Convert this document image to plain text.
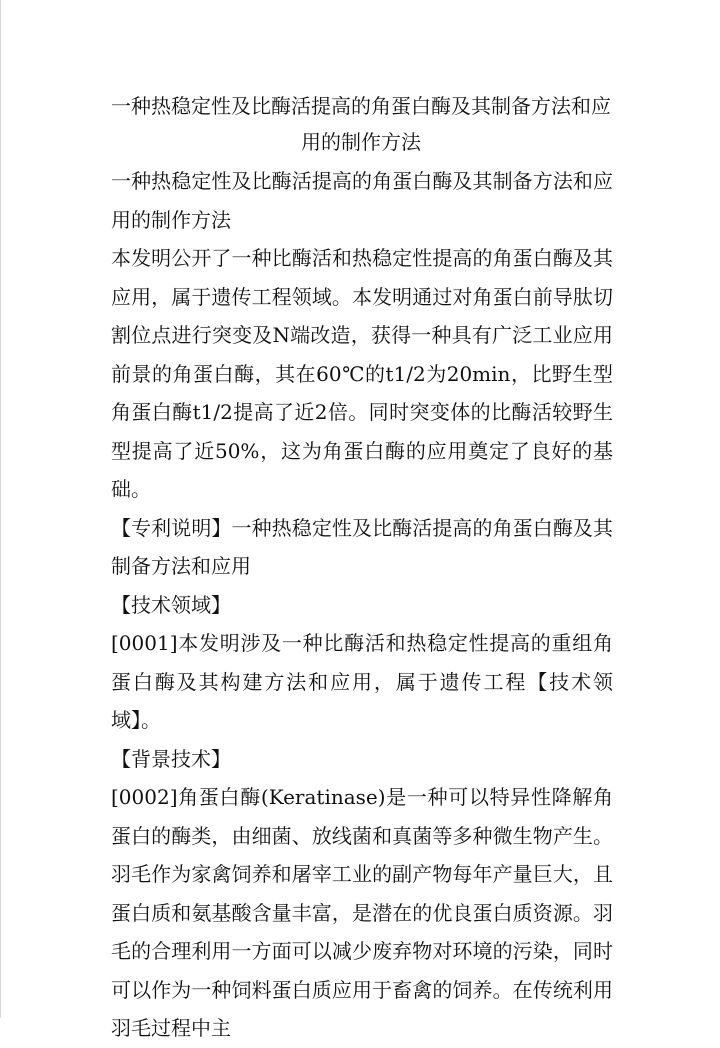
一种热稳定性及比酶活提高的角蛋白酶及其制备方法和应用的制作方法

一种热稳定性及比酶活提高的角蛋白酶及其制备方法和应用的制作方法

本发明公开了一种比酶活和热稳定性提高的角蛋白酶及其应用，属于遗传工程领域。本发明通过对角蛋白前导肽切割位点进行突变及N端改造，获得一种具有广泛工业应用前景的角蛋白酶，其在60℃的t1/2为20min，比野生型角蛋白酶t1/2提高了近2倍。同时突变体的比酶活较野生型提高了近50%，这为角蛋白酶的应用奠定了良好的基础。

【专利说明】一种热稳定性及比酶活提高的角蛋白酶及其制备方法和应用

【技术领域】

[0001]本发明涉及一种比酶活和热稳定性提高的重组角蛋白酶及其构建方法和应用，属于遗传工程【技术领域】。

【背景技术】

[0002]角蛋白酶(Keratinase)是一种可以特异性降解角蛋白的酶类，由细菌、放线菌和真菌等多种微生物产生。羽毛作为家禽饲养和屠宰工业的副产物每年产量巨大，且蛋白质和氨基酸含量丰富，是潜在的优良蛋白质资源。羽毛的合理利用一方面可以减少废弃物对环境的污染，同时可以作为一种饲料蛋白质应用于畜禽的饲养。在传统利用羽毛过程中主
